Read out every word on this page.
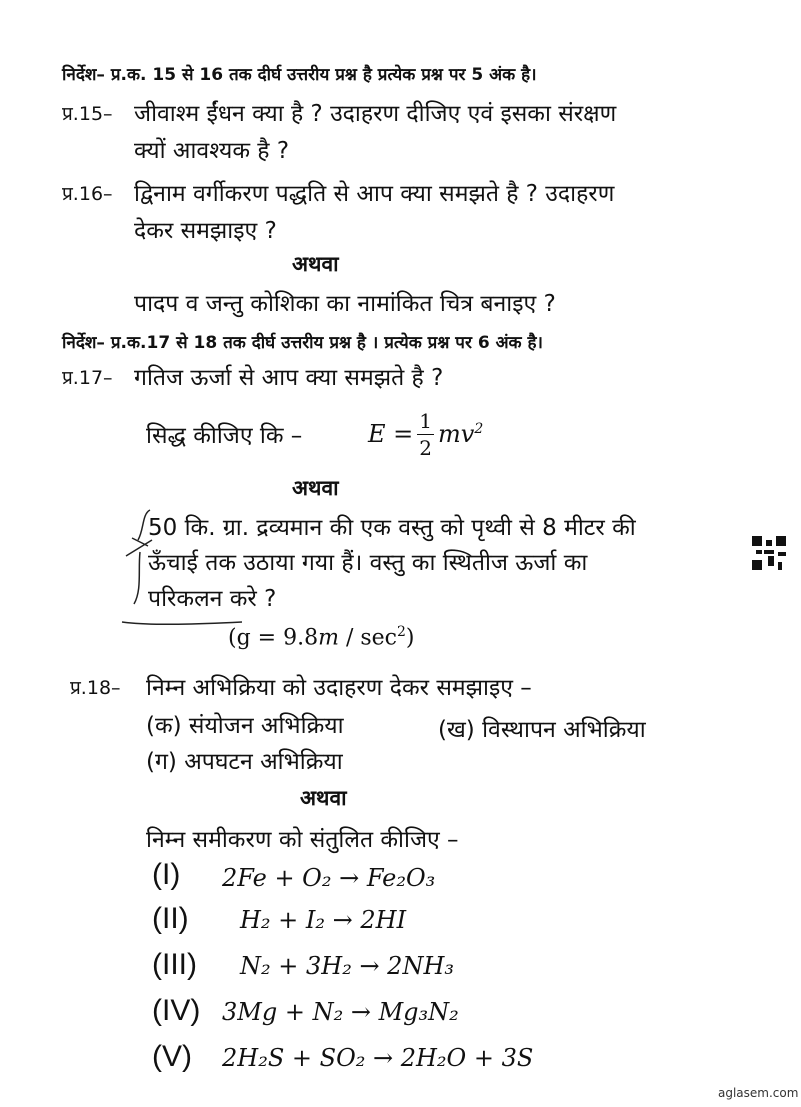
निर्देश– प्र.क. 15 से 16 तक दीर्घ उत्तरीय प्रश्न है प्रत्येक प्रश्न पर 5 अंक है।
प्र.15– जीवाश्म ईंधन क्या है ? उदाहरण दीजिए एवं इसका संरक्षण
क्यों आवश्यक है ?
प्र.16– द्विनाम वर्गीकरण पद्धति से आप क्या समझते है ? उदाहरण
देकर समझाइए ?
अथवा
पादप व जन्तु कोशिका का नामांकित चित्र बनाइए ?
निर्देश– प्र.क.17 से 18 तक दीर्घ उत्तरीय प्रश्न है । प्रत्येक प्रश्न पर 6 अंक है।
प्र.17– गतिज ऊर्जा से आप क्या समझते है ?
सिद्ध कीजिए कि –	$E = \frac{1}{2} mv^2$
अथवा
50 कि. ग्रा. द्रव्यमान की एक वस्तु को पृथ्वी से 8 मीटर की
ऊँचाई तक उठाया गया हैं। वस्तु का स्थितीज ऊर्जा का
परिकलन करे ?
$(g = 9.8m / \sec^2)$
प्र.18– निम्न अभिक्रिया को उदाहरण देकर समझाइए –
(क) संयोजन अभिक्रिया	(ख) विस्थापन अभिक्रिया
(ग) अपघटन अभिक्रिया
अथवा
निम्न समीकरण को संतुलित कीजिए –
(I) 2Fe + O₂ → Fe₂O₃
(II) H₂ + I₂ → 2HI
(III) N₂ + 3H₂ → 2NH₃
(IV) 3Mg + N₂ → Mg₃N₂
(V) 2H₂S + SO₂ → 2H₂O + 3S
aglasem.com
